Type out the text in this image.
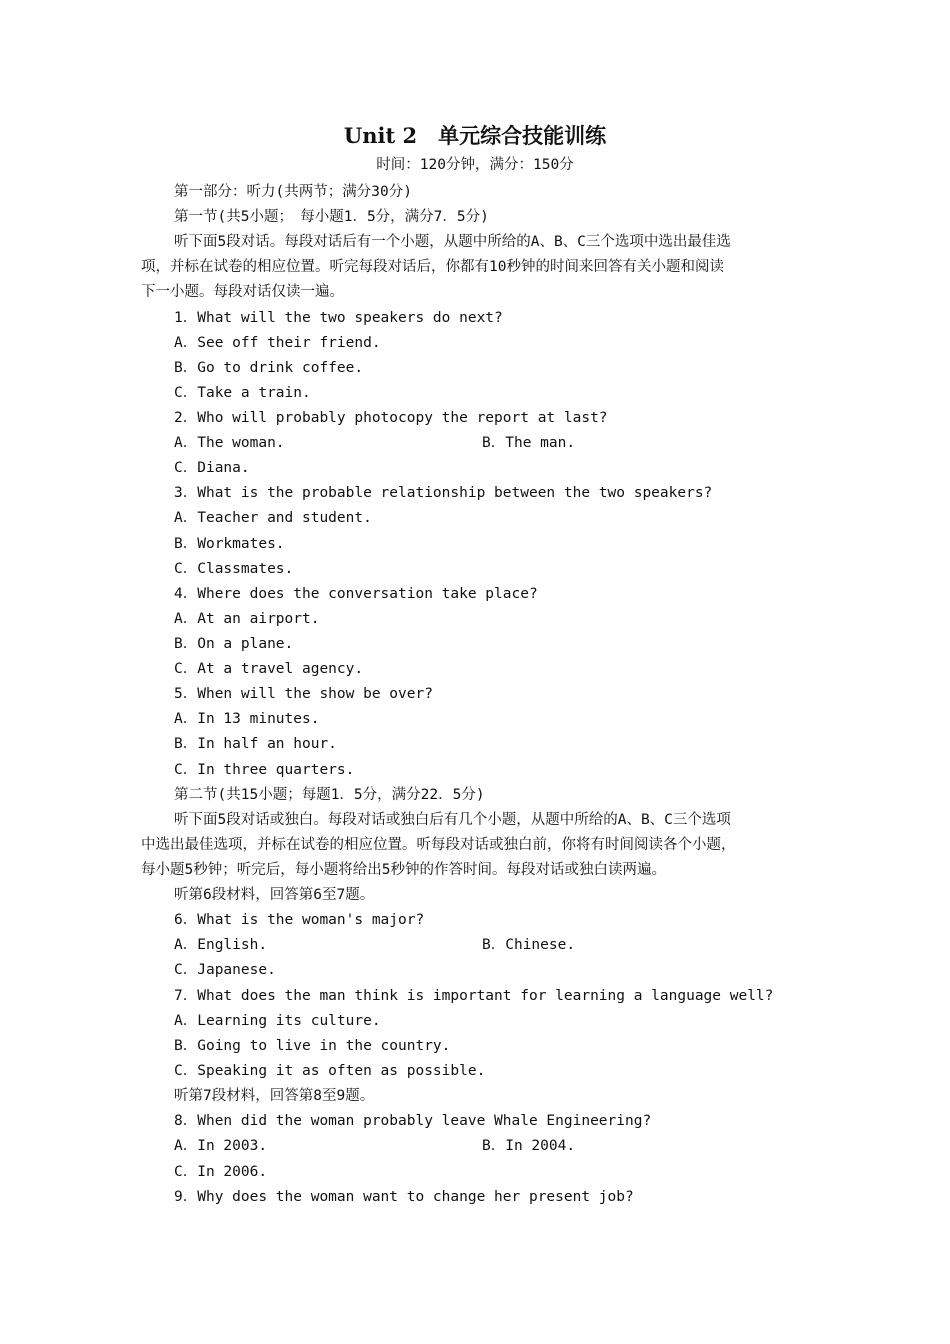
Unit 2　单元综合技能训练
时间：120分钟，满分：150分
第一部分：听力(共两节；满分30分)
第一节(共5小题；　每小题1．5分，满分7．5分)
听下面5段对话。每段对话后有一个小题，从题中所给的A、B、C三个选项中选出最佳选
项，并标在试卷的相应位置。听完每段对话后，你都有10秒钟的时间来回答有关小题和阅读
下一小题。每段对话仅读一遍。
1．What will the two speakers do next?
A．See off their friend.
B．Go to drink coffee.
C．Take a train.
2．Who will probably photocopy the report at last?
A．The woman.	B．The man.
C．Diana.
3．What is the probable relationship between the two speakers?
A．Teacher and student.
B．Workmates.
C．Classmates.
4．Where does the conversation take place?
A．At an airport.
B．On a plane.
C．At a travel agency.
5．When will the show be over?
A．In 13 minutes.
B．In half an hour.
C．In three quarters.
第二节(共15小题；每题1．5分，满分22．5分)
听下面5段对话或独白。每段对话或独白后有几个小题，从题中所给的A、B、C三个选项
中选出最佳选项，并标在试卷的相应位置。听每段对话或独白前，你将有时间阅读各个小题，
每小题5秒钟；听完后，每小题将给出5秒钟的作答时间。每段对话或独白读两遍。
听第6段材料，回答第6至7题。
6．What is the woman's major?
A．English.	B．Chinese.
C．Japanese.
7．What does the man think is important for learning a language well?
A．Learning its culture.
B．Going to live in the country.
C．Speaking it as often as possible.
听第7段材料，回答第8至9题。
8．When did the woman probably leave Whale Engineering?
A．In 2003.	B．In 2004.
C．In 2006.
9．Why does the woman want to change her present job?
